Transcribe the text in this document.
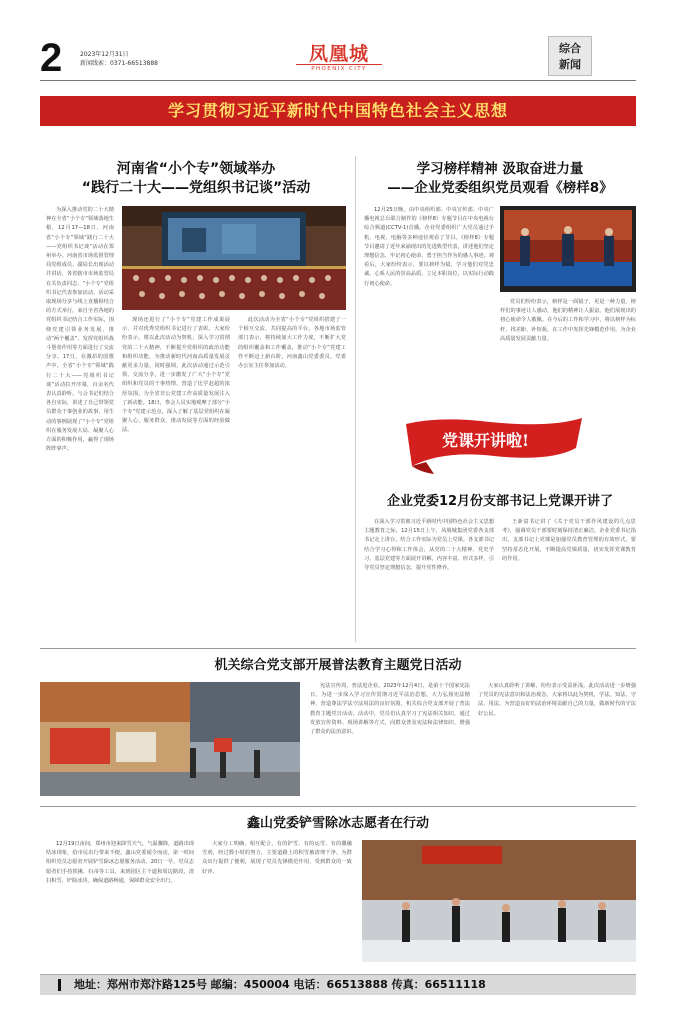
2	2023年12月31日
新闻线索：0371-66513888	凤凰城
PHOENIX CITY
综合
新闻
学习贯彻习近平新时代中国特色社会主义思想
河南省“小个专”领域举办
“践行二十大——党组织书记谈”活动
为深入推动党的二十大精神在全省“小个专”领域落地生根，12月17—18日，河南省“小个专”领域“践行二十大——党组织书记谈”活动在郑州举办。河南省市场监督管理局党组成员、副局长出席活动并讲话，各省辖市市场监管局有关负责同志、“小个专”党组织书记代表参加活动。活动采取现场分享与线上直播相结合的方式举行，来自全省各地的党组织书记结合工作实际，围绕党建引领业务发展、推动“两个覆盖”、发挥党组织战斗堡垒作用等方面进行了交流分享。17日，在激昂的国歌声中，全省“小个专”领域“践行二十大——党组织书记谈”活动拉开序幕，百余名代表认真聆听。与会书记们结合各自实际，讲述了自己带领党员群众干事创业的故事，用生动的事例展现了“小个专”党组织在服务发展大局、凝聚人心方面的积极作用，赢得了现场阵阵掌声。
现场还进行了“小个专”党建工作成果展示，并对优秀党组织书记进行了表彰。大家纷纷表示，将以此次活动为契机，深入学习贯彻党的二十大精神，不断提升党组织的政治功能和组织功能，为推动新时代河南高质量发展贡献更多力量。同时强调，此次活动通过示范引领、交流分享，进一步激发了广大“小个专”党组织和党员的干事热情，营造了比学赶超的浓厚氛围，为全省非公党建工作高质量发展注入了新动能。18日，参会人员实地观摩了部分“小个专”党建示范点，深入了解了基层党组织在凝聚人心、服务群众、推动发展等方面的经验做法。
此次活动为全省“小个专”党组织搭建了一个相互交流、共同提高的平台。各地市场监管部门表示，将持续加大工作力度，不断扩大党的组织覆盖和工作覆盖，推动“小个专”党建工作不断迈上新台阶。河南鑫山党委委员、党委办公室主任参加活动。
学习榜样精神 汲取奋进力量
——企业党委组织党员观看《榜样8》
12月25日晚，由中央组织部、中央宣传部、中央广播电视总台联合制作的《榜样8》专题节目在中央电视台综合频道(CCTV-1)首播。企业党委组织广大党员通过手机、电视、电脑等多种途径观看了节目。《榜样8》专题节目邀请了近年来涌现出的先进典型代表，讲述他们坚定理想信念、牢记初心使命、勇于担当作为的感人事迹。观看后，大家纷纷表示，要以榜样为镜，学习他们对党忠诚、心系人民的崇高品质，立足本职岗位，以实际行动践行初心使命。
党员们纷纷表示，榜样是一面镜子，更是一种力量。榜样们的事迹让人感动，他们的精神让人振奋。他们展现出的初心使命令人敬佩。在今后的工作和学习中，将以榜样为标杆，找差距、补短板，在工作中发挥先锋模范作用，为企业高质量发展贡献力量。
党课开讲啦!
企业党委12月份支部书记上党课开讲了
在深入学习贯彻习近平新时代中国特色社会主义思想主题教育之际，12月15日上午，凤凰城集团党委各支部书记走上讲台，结合工作实际为党员上党课。各支部书记结合学习心得和工作体会，从党的二十大精神、党史学习、基层党建等方面展开讲解，内容丰富、形式多样，引导党员坚定理想信念，提升党性修养。
王新富书记讲了《关于党员干部作风建设的几点思考》，强调党员干部要时刻保持清正廉洁。企业党委书记指出，支部书记上党课是加强党员教育管理的有效形式，要坚持常态化开展，不断提高党课质量，切实发挥党课教育的作用。
机关综合党支部开展普法教育主题党日活动
宪法宣传周，普法进企业。2023年12月4日，是第十个国家宪法日。为进一步深入学习宣传贯彻习近平法治思想，大力弘扬宪法精神，营造尊法学法守法用法的良好氛围，机关综合党支部开展了普法教育主题党日活动。活动中，党员们认真学习了宪法相关知识，通过发放宣传资料、现场讲解等方式，向群众普及宪法和法律知识，增强了群众的法治意识。
大家认真聆听了讲解，纷纷表示受益匪浅。此次活动进一步增强了党员的宪法意识和法治观念，大家将以此为契机，学法、知法、守法、用法，为营造良好的法治环境贡献自己的力量，做新时代的守法好公民。
鑫山党委铲雪除冰志愿者在行动
12月19日夜间，郑州市迎来降雪天气，气温骤降，道路出现结冰现象，给市民出行带来不便。鑫山党委闻令而动，第一时间组织党员志愿者开展铲雪除冰志愿服务活动。20日一早，党员志愿者们手持铁锹、扫帚等工具，来到园区主干道和周边路段，清扫积雪、铲除冰块，确保道路畅通，保障群众安全出行。
大家分工明确，相互配合，有的铲雪，有的运雪，有的撒融雪剂，经过数小时的努力，主要道路上的积雪被清理干净，为群众出行提供了便利，展现了党员先锋模范作用，受到群众的一致好评。
地址：郑州市郑汴路125号 邮编：450004 电话：66513888 传真：66511118
